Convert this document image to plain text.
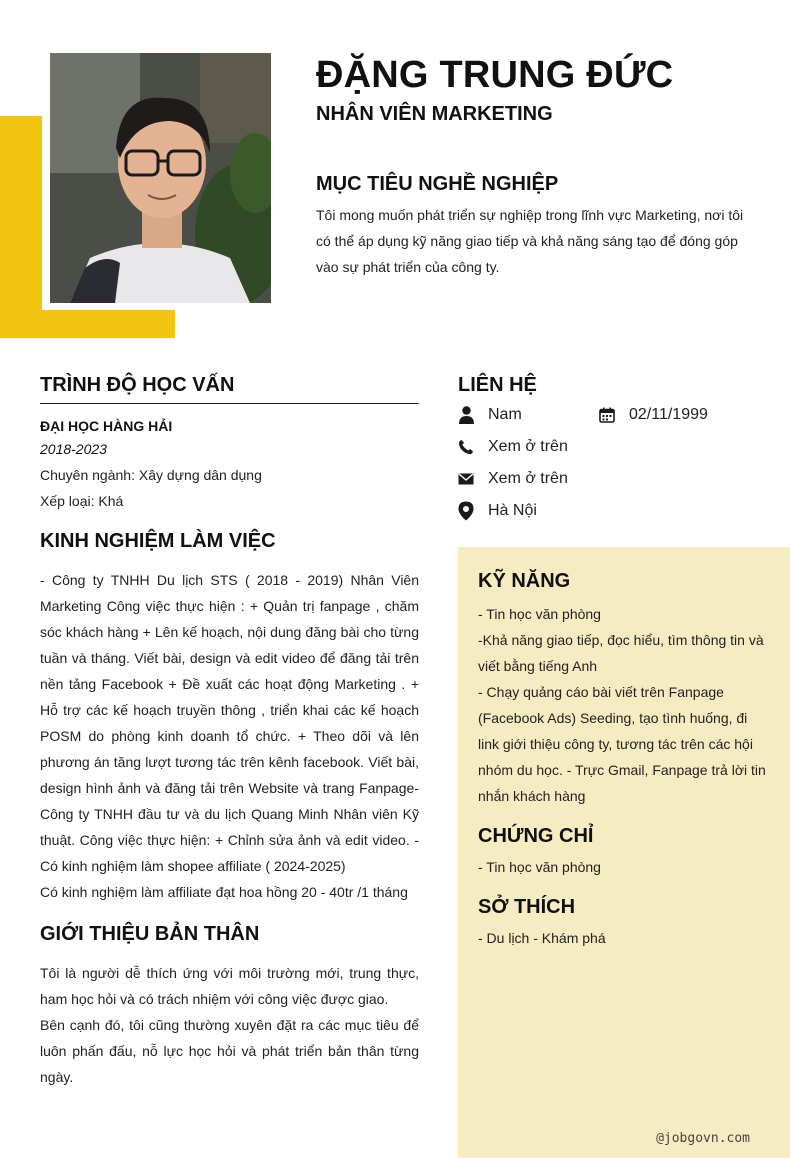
ĐẶNG TRUNG ĐỨC
NHÂN VIÊN MARKETING
MỤC TIÊU NGHỀ NGHIỆP
Tôi mong muốn phát triển sự nghiệp trong lĩnh vực Marketing, nơi tôi có thể áp dụng kỹ năng giao tiếp và khả năng sáng tạo để đóng góp vào sự phát triển của công ty.
TRÌNH ĐỘ HỌC VẤN
ĐẠI HỌC HÀNG HẢI
2018-2023
Chuyên ngành: Xây dựng dân dụng
Xếp loại: Khá
KINH NGHIỆM LÀM VIỆC
- Công ty TNHH Du lịch STS ( 2018 - 2019) Nhân Viên Marketing Công việc thực hiện : + Quản trị fanpage , chăm sóc khách hàng + Lên kế hoạch, nội dung đăng bài cho từng tuần và tháng. Viết bài, design và edit video để đăng tải trên nền tảng Facebook + Đề xuất các hoạt động Marketing . + Hỗ trợ các kế hoạch truyền thông , triển khai các kế hoạch POSM do phòng kinh doanh tổ chức. + Theo dõi và lên phương án tăng lượt tương tác trên kênh facebook. Viết bài, design hình ảnh và đăng tải trên Website và trang Fanpage- Công ty TNHH đầu tư và du lịch Quang Minh Nhân viên Kỹ thuật. Công việc thực hiện: + Chỉnh sửa ảnh và edit video. - Có kinh nghiệm làm shopee affiliate ( 2024-2025)
Có kinh nghiệm làm affiliate đạt hoa hồng 20 - 40tr /1 tháng
GIỚI THIỆU BẢN THÂN
Tôi là người dễ thích ứng với môi trường mới, trung thực, ham học hỏi và có trách nhiệm với công việc được giao.
Bên cạnh đó, tôi cũng thường xuyên đặt ra các mục tiêu để luôn phấn đấu, nỗ lực học hỏi và phát triển bản thân từng ngày.
LIÊN HỆ
Nam	02/11/1999
Xem ở trên
Xem ở trên
Hà Nội
KỸ NĂNG
- Tin học văn phòng
-Khả năng giao tiếp, đọc hiểu, tìm thông tin và viết bằng tiếng Anh
- Chạy quảng cáo bài viết trên Fanpage (Facebook Ads) Seeding, tạo tình huống, đi link giới thiệu công ty, tương tác trên các hội nhóm du học. - Trực Gmail, Fanpage trả lời tin nhắn khách hàng
CHỨNG CHỈ
- Tin học văn phòng
SỞ THÍCH
- Du lịch - Khám phá
@jobgovn.com
